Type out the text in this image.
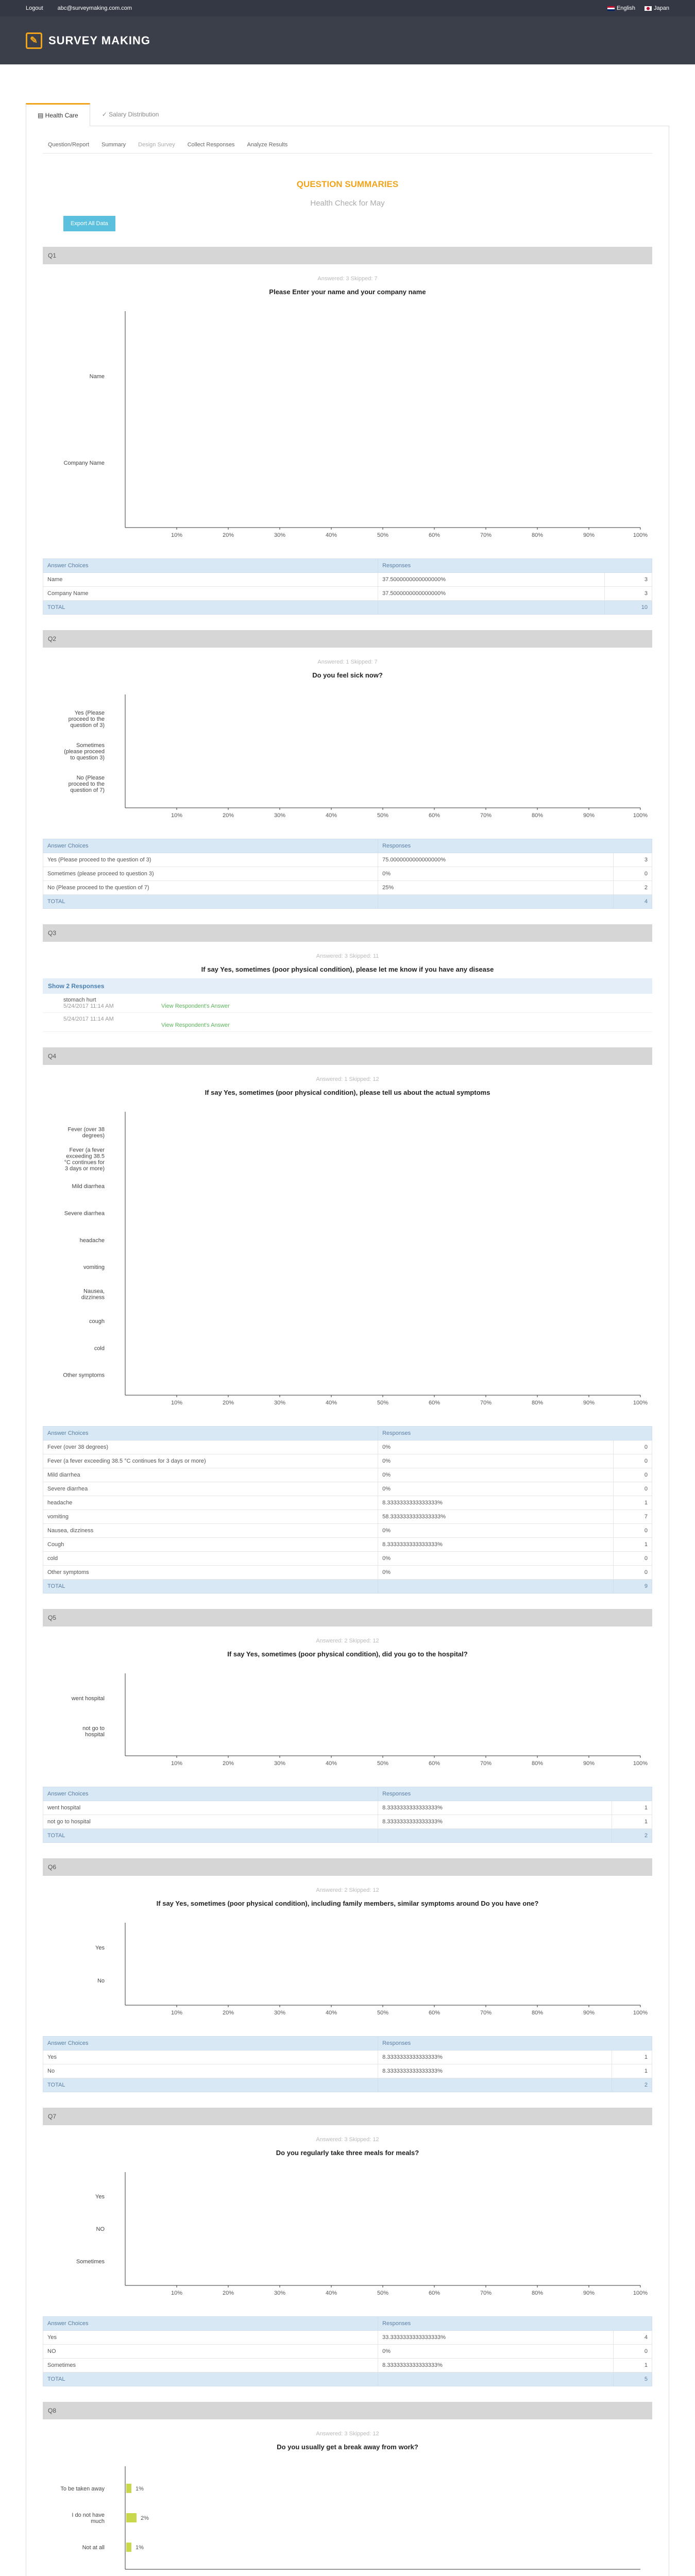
Logout	abc@surveymaking.com.com	English	Japan
✎ SURVEY MAKING
▤ Health Care	✓ Salary Distribution
Question/Report Summary Design Survey Collect Responses Analyze Results
QUESTION SUMMARIES
Health Check for May
Export All Data
Q1
Answered: 3 Skipped: 7
Please Enter your name and your company name
10%	20%	30%	40%	50%	60%	70%	80%	90%	100%
Name
Company Name
Answer Choices	Responses	
Name	37.5000000000000000%	3
Company Name	37.5000000000000000%	3
TOTAL		10
Q2
Answered: 1 Skipped: 7
Do you feel sick now?
10%	20%	30%	40%	50%	60%	70%	80%	90%	100%
Yes (Please proceed to the question of 3)
Sometimes (please proceed to question 3)
No (Please proceed to the question of 7)
Answer Choices	Responses	
Yes (Please proceed to the question of 3)	75.0000000000000000%	3
Sometimes (please proceed to question 3)	0%	0
No (Please proceed to the question of 7)	25%	2
TOTAL		4
Q3
Answered: 3 Skipped: 11
If say Yes, sometimes (poor physical condition), please let me know if you have any disease
Show 2 Responses
stomach hurt
5/24/2017 11:14 AM	View Respondent's Answer
5/24/2017 11:14 AM
View Respondent's Answer
Q4
Answered: 1 Skipped: 12
If say Yes, sometimes (poor physical condition), please tell us about the actual symptoms
10%	20%	30%	40%	50%	60%	70%	80%	90%	100%
Fever (over 38 degrees)
Fever (a fever exceeding 38.5 °C continues for 3 days or more)
Mild diarrhea
Severe diarrhea
headache
vomiting
Nausea, dizziness
cough
cold
Other symptoms
Answer Choices	Responses	
Fever (over 38 degrees)	0%	0
Fever (a fever exceeding 38.5 °C continues for 3 days or more)	0%	0
Mild diarrhea	0%	0
Severe diarrhea	0%	0
headache	8.3333333333333333%	1
vomiting	58.3333333333333333%	7
Nausea, dizziness	0%	0
Cough	8.3333333333333333%	1
cold	0%	0
Other symptoms	0%	0
TOTAL		9
Q5
Answered: 2 Skipped: 12
If say Yes, sometimes (poor physical condition), did you go to the hospital?
10%	20%	30%	40%	50%	60%	70%	80%	90%	100%
went hospital
not go to hospital
Answer Choices	Responses	
went hospital	8.3333333333333333%	1
not go to hospital	8.3333333333333333%	1
TOTAL		2
Q6
Answered: 2 Skipped: 12
If say Yes, sometimes (poor physical condition), including family members, similar symptoms around Do you have one?
10%	20%	30%	40%	50%	60%	70%	80%	90%	100%
Yes
No
Answer Choices	Responses	
Yes	8.3333333333333333%	1
No	8.3333333333333333%	1
TOTAL		2
Q7
Answered: 3 Skipped: 12
Do you regularly take three meals for meals?
10%	20%	30%	40%	50%	60%	70%	80%	90%	100%
Yes
NO
Sometimes
Answer Choices	Responses	
Yes	33.3333333333333333%	4
NO	0%	0
Sometimes	8.3333333333333333%	1
TOTAL		5
Q8
Answered: 3 Skipped: 12
Do you usually get a break away from work?
To be taken away	1%
I do not have much	2%
Not at all	1%
